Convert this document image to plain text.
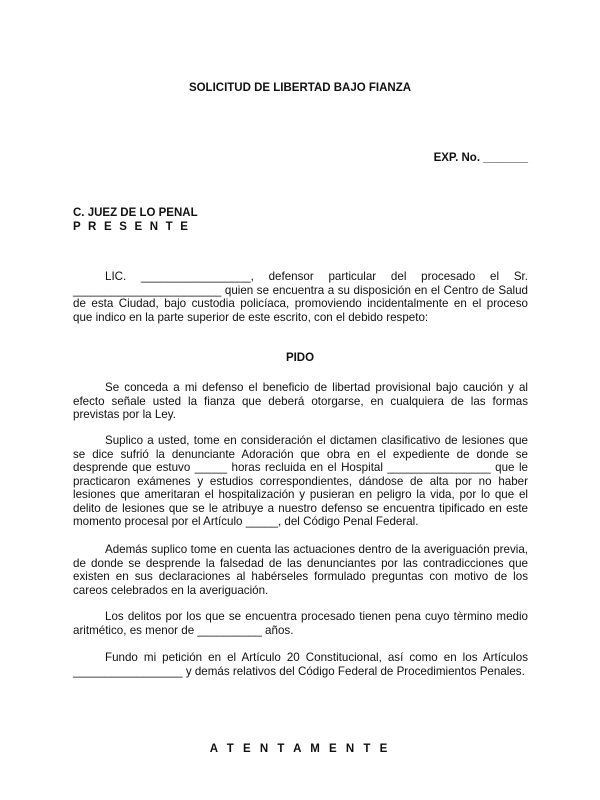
SOLICITUD DE LIBERTAD BAJO FIANZA
EXP. No. _______
C. JUEZ DE LO PENAL
P R E S E N T E

LIC. _________________, defensor particular del procesado el Sr. _______________________ quien se encuentra a su disposición en el Centro de Salud de esta Ciudad, bajo custodia policíaca, promoviendo incidentalmente en el proceso que indico en la parte superior de este escrito, con el debido respeto:

PIDO

Se conceda a mi defenso el beneficio de libertad provisional bajo caución y al efecto señale usted la fianza que deberá otorgarse, en cualquiera de las formas previstas por la Ley.

Suplico a usted, tome en consideración el dictamen clasificativo de lesiones que se dice sufrió la denunciante Adoración que obra en el expediente de donde se desprende que estuvo _____ horas recluida en el Hospital ________________ que le practicaron exámenes y estudios correspondientes, dándose de alta por no haber lesiones que ameritaran el hospitalización y pusieran en peligro la vida, por lo que el delito de lesiones que se le atribuye a nuestro defenso se encuentra tipificado en este momento procesal por el Artículo _____, del Código Penal Federal.

Además suplico tome en cuenta las actuaciones dentro de la averiguación previa, de donde se desprende la falsedad de las denunciantes por las contradicciones que existen en sus declaraciones al habérseles formulado preguntas con motivo de los careos celebrados en la averiguación.

Los delitos por los que se encuentra procesado tienen pena cuyo tèrmino medio aritmético, es menor de __________ años.

Fundo mi petición en el Artículo 20 Constitucional, así como en los Artículos _________________ y demás relativos del Código Federal de Procedimientos Penales.

A T E N T A M E N T E
